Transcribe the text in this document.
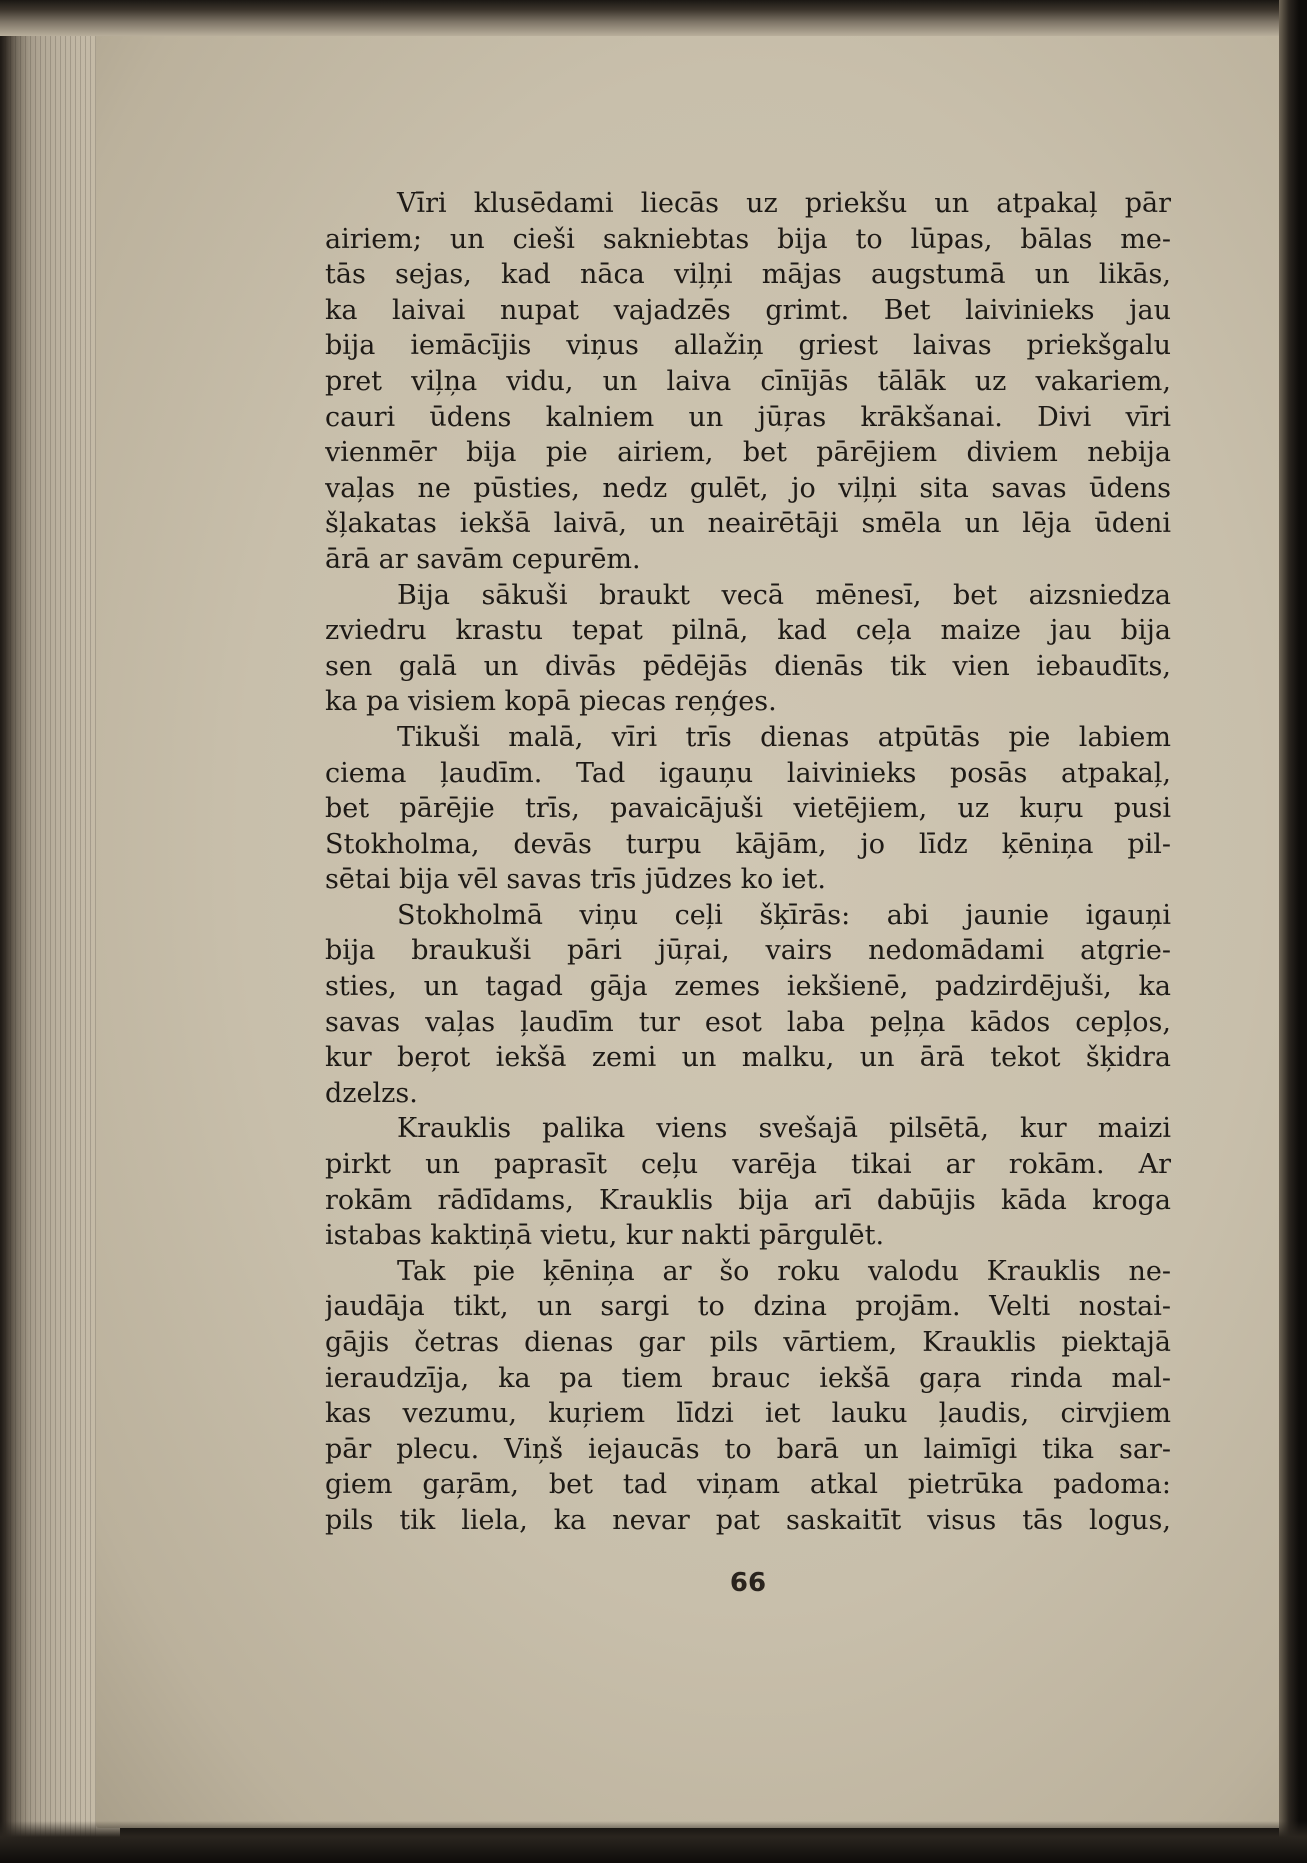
Vīri klusēdami liecās uz priekšu un atpakaļ pār
airiem; un cieši sakniebtas bija to lūpas, bālas me-
tās sejas, kad nāca viļņi mājas augstumā un likās,
ka laivai nupat vajadzēs grimt. Bet laivinieks jau
bija iemācījis viņus allažiņ griest laivas priekšgalu
pret viļņa vidu, un laiva cīnījās tālāk uz vakariem,
cauri ūdens kalniem un jūŗas krākšanai. Divi vīri
vienmēr bija pie airiem, bet pārējiem diviem nebija
vaļas ne pūsties, nedz gulēt, jo viļņi sita savas ūdens
šļakatas iekšā laivā, un neairētāji smēla un lēja ūdeni
ārā ar savām cepurēm.
Bija sākuši braukt vecā mēnesī, bet aizsniedza
zviedru krastu tepat pilnā, kad ceļa maize jau bija
sen galā un divās pēdējās dienās tik vien iebaudīts,
ka pa visiem kopā piecas reņģes.
Tikuši malā, vīri trīs dienas atpūtās pie labiem
ciema ļaudīm. Tad igauņu laivinieks posās atpakaļ,
bet pārējie trīs, pavaicājuši vietējiem, uz kuŗu pusi
Stokholma, devās turpu kājām, jo līdz ķēniņa pil-
sētai bija vēl savas trīs jūdzes ko iet.
Stokholmā viņu ceļi šķīrās: abi jaunie igauņi
bija braukuši pāri jūŗai, vairs nedomādami atgrie-
sties, un tagad gāja zemes iekšienē, padzirdējuši, ka
savas vaļas ļaudīm tur esot laba peļņa kādos cepļos,
kur beŗot iekšā zemi un malku, un ārā tekot šķidra
dzelzs.
Krauklis palika viens svešajā pilsētā, kur maizi
pirkt un paprasīt ceļu varēja tikai ar rokām. Ar
rokām rādīdams, Krauklis bija arī dabūjis kāda kroga
istabas kaktiņā vietu, kur nakti pārgulēt.
Tak pie ķēniņa ar šo roku valodu Krauklis ne-
jaudāja tikt, un sargi to dzina projām. Velti nostai-
gājis četras dienas gar pils vārtiem, Krauklis piektajā
ieraudzīja, ka pa tiem brauc iekšā gaŗa rinda mal-
kas vezumu, kuŗiem līdzi iet lauku ļaudis, cirvjiem
pār plecu. Viņš iejaucās to barā un laimīgi tika sar-
giem gaŗām, bet tad viņam atkal pietrūka padoma:
pils tik liela, ka nevar pat saskaitīt visus tās logus,
66
